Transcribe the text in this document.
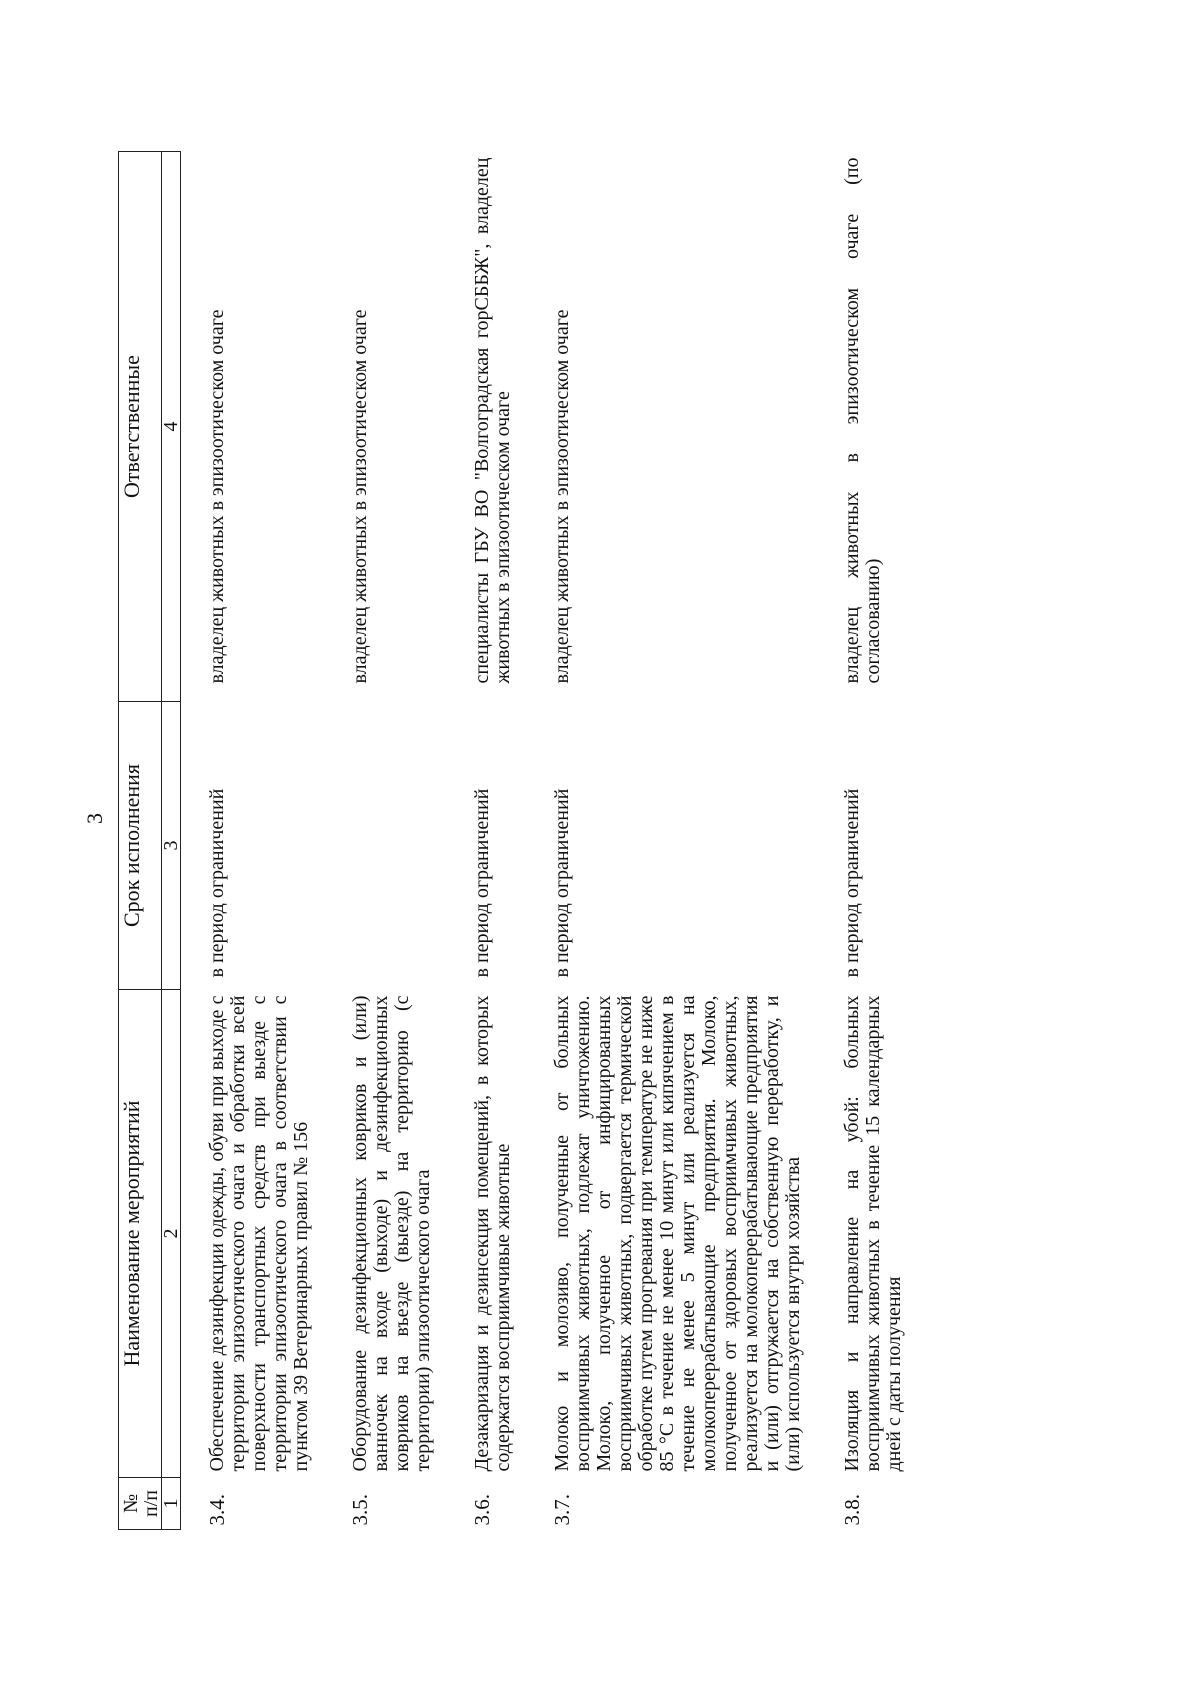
3
№ п/п	Наименование мероприятий	Срок исполнения	Ответственные
1	2	3	4
3.4.	Обеспечение дезинфекции одежды, обуви при выходе с территории эпизоотического очага и обработки всей поверхности транспортных средств при выезде с территории эпизоотического очага в соответствии с пунктом 39 Ветеринарных правил № 156	в период ограничений	владелец животных в эпизоотическом очаге
3.5.	Оборудование дезинфекционных ковриков и (или) ванночек на входе (выходе) и дезинфекционных ковриков на въезде (выезде) на территорию (с территории) эпизоотического очага		владелец животных в эпизоотическом очаге
3.6.	Дезакаризация и дезинсекция помещений, в которых содержатся восприимчивые животные	в период ограничений	специалисты ГБУ ВО "Волгоградская горСББЖ", владелец животных в эпизоотическом очаге
3.7.	Молоко и молозиво, полученные от больных восприимчивых животных, подлежат уничтожению. Молоко, полученное от инфицированных восприимчивых животных, подвергается термической обработке путем прогревания при температуре не ниже 85 °С в течение не менее 10 минут или кипячением в течение не менее 5 минут или реализуется на молокоперерабатывающие предприятия. Молоко, полученное от здоровых восприимчивых животных, реализуется на молокоперерабатывающие предприятия и (или) отгружается на собственную переработку, и (или) используется внутри хозяйства	в период ограничений	владелец животных в эпизоотическом очаге
3.8.	Изоляция и направление на убой: больных восприимчивых животных в течение 15 календарных дней с даты получения	в период ограничений	владелец животных в эпизоотическом очаге (по согласованию)
